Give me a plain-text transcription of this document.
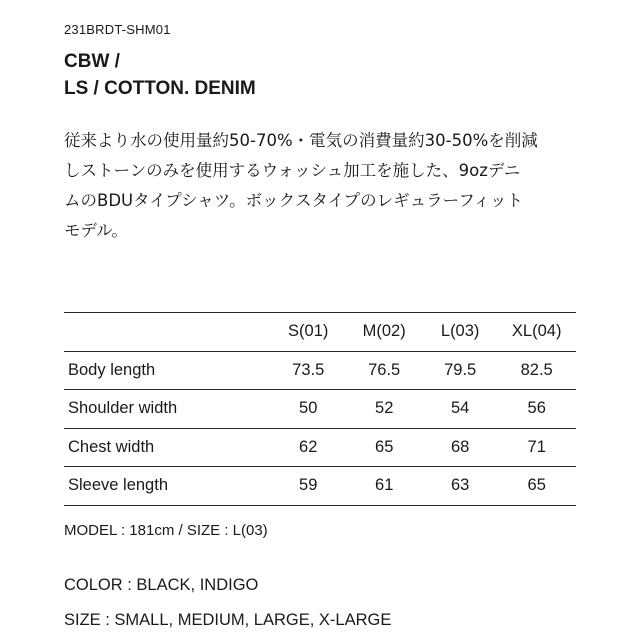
231BRDT-SHM01
CBW /
LS / COTTON. DENIM

従来より水の使用量約50-70%・電気の消費量約30-50%を削減
しストーンのみを使用するウォッシュ加工を施した、9ozデニ
ムのBDUタイプシャツ。ボックスタイプのレギュラーフィット
モデル。

	S(01)	M(02)	L(03)	XL(04)
Body length	73.5	76.5	79.5	82.5
Shoulder width	50	52	54	56
Chest width	62	65	68	71
Sleeve length	59	61	63	65
MODEL : 181cm / SIZE : L(03)
COLOR : BLACK, INDIGO
SIZE : SMALL, MEDIUM, LARGE, X-LARGE
